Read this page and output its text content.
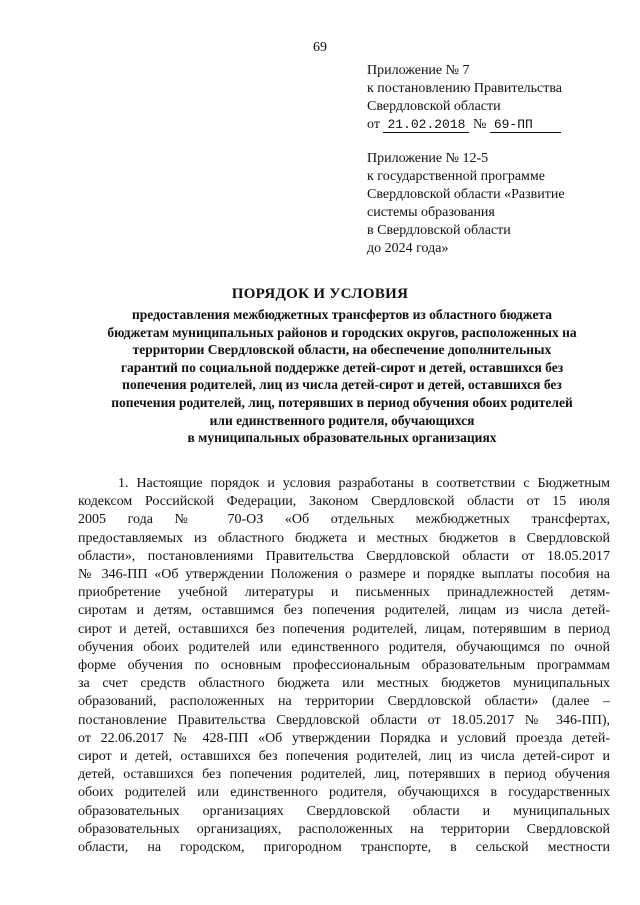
69
Приложение № 7
к постановлению Правительства
Свердловской области
от 21.02.2018 № 69-ПП
Приложение № 12-5
к государственной программе
Свердловской области «Развитие
системы образования
в Свердловской области
до 2024 года»
ПОРЯДОК И УСЛОВИЯ
предоставления межбюджетных трансфертов из областного бюджета
бюджетам муниципальных районов и городских округов, расположенных на
территории Свердловской области, на обеспечение дополнительных
гарантий по социальной поддержке детей-сирот и детей, оставшихся без
попечения родителей, лиц из числа детей-сирот и детей, оставшихся без
попечения родителей, лиц, потерявших в период обучения обоих родителей
или единственного родителя, обучающихся
в муниципальных образовательных организациях
1. Настоящие порядок и условия разработаны в соответствии с Бюджетным
кодексом Российской Федерации, Законом Свердловской области от 15 июля
2005 года № 70-ОЗ «Об отдельных межбюджетных трансфертах,
предоставляемых из областного бюджета и местных бюджетов в Свердловской
области», постановлениями Правительства Свердловской области от 18.05.2017
№ 346-ПП «Об утверждении Положения о размере и порядке выплаты пособия на
приобретение учебной литературы и письменных принадлежностей детям-
сиротам и детям, оставшимся без попечения родителей, лицам из числа детей-
сирот и детей, оставшихся без попечения родителей, лицам, потерявшим в период
обучения обоих родителей или единственного родителя, обучающимся по очной
форме обучения по основным профессиональным образовательным программам
за счет средств областного бюджета или местных бюджетов муниципальных
образований, расположенных на территории Свердловской области» (далее –
постановление Правительства Свердловской области от 18.05.2017 № 346-ПП),
от 22.06.2017 № 428-ПП «Об утверждении Порядка и условий проезда детей-
сирот и детей, оставшихся без попечения родителей, лиц из числа детей-сирот и
детей, оставшихся без попечения родителей, лиц, потерявших в период обучения
обоих родителей или единственного родителя, обучающихся в государственных
образовательных организациях Свердловской области и муниципальных
образовательных организациях, расположенных на территории Свердловской
области, на городском, пригородном транспорте, в сельской местности
